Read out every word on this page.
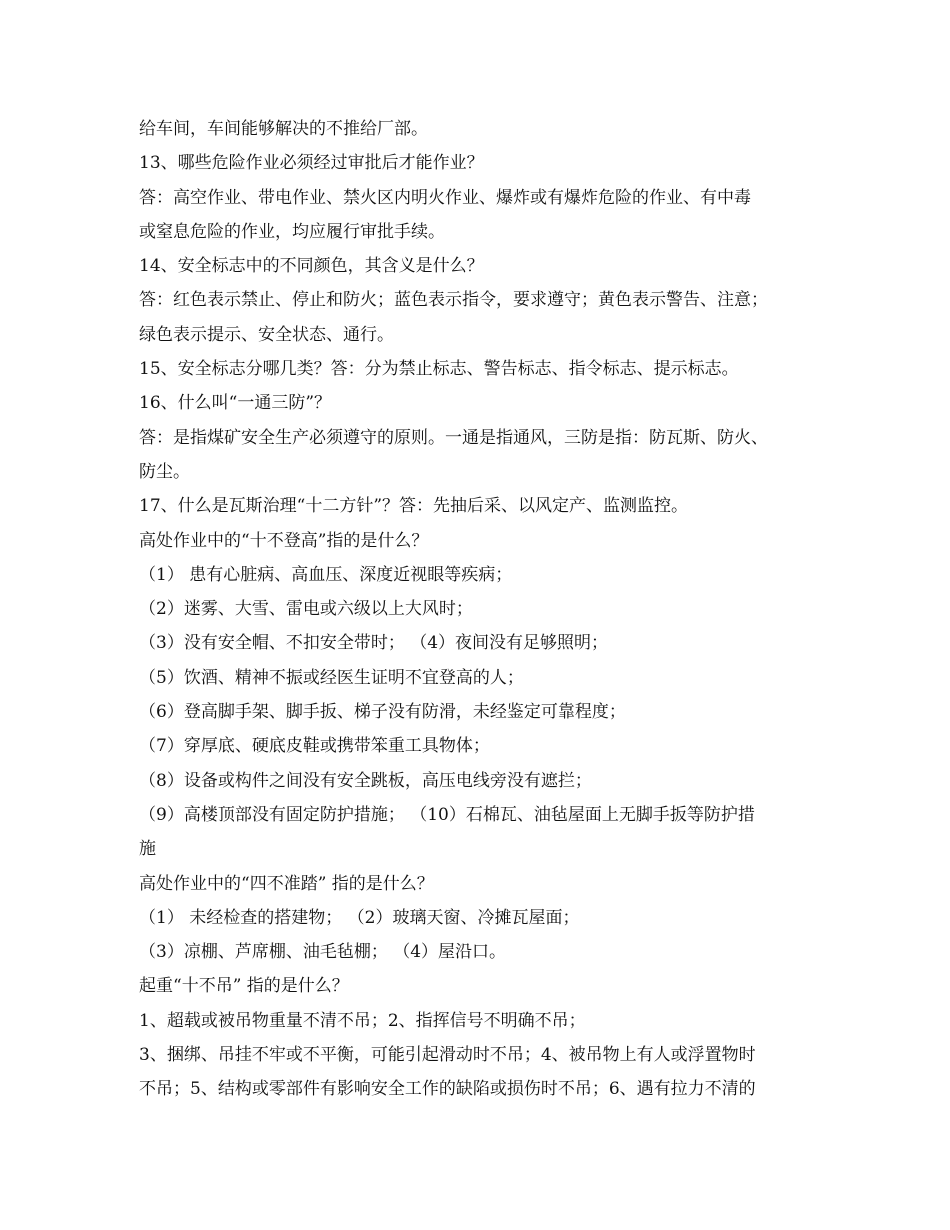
给车间，车间能够解决的不推给厂部。
13、哪些危险作业必须经过审批后才能作业？
答：高空作业、带电作业、禁火区内明火作业、爆炸或有爆炸危险的作业、有中毒
或窒息危险的作业，均应履行审批手续。
14、安全标志中的不同颜色，其含义是什么？
答：红色表示禁止、停止和防火；蓝色表示指令，要求遵守；黄色表示警告、注意；
绿色表示提示、安全状态、通行。
15、安全标志分哪几类？答：分为禁止标志、警告标志、指令标志、提示标志。
16、什么叫“一通三防”？
答：是指煤矿安全生产必须遵守的原则。一通是指通风，三防是指：防瓦斯、防火、
防尘。
17、什么是瓦斯治理“十二方针”？答：先抽后采、以风定产、监测监控。
高处作业中的“十不登高”指的是什么？
（1） 患有心脏病、高血压、深度近视眼等疾病；
（2）迷雾、大雪、雷电或六级以上大风时；
（3）没有安全帽、不扣安全带时； （4）夜间没有足够照明；
（5）饮酒、精神不振或经医生证明不宜登高的人；
（6）登高脚手架、脚手扳、梯子没有防滑，未经鉴定可靠程度；
（7）穿厚底、硬底皮鞋或携带笨重工具物体；
（8）设备或构件之间没有安全跳板，高压电线旁没有遮拦；
（9）高楼顶部没有固定防护措施； （10）石棉瓦、油毡屋面上无脚手扳等防护措
施
高处作业中的“四不准踏” 指的是什么？
（1） 未经检查的搭建物； （2）玻璃天窗、冷摊瓦屋面；
（3）凉棚、芦席棚、油毛毡棚； （4）屋沿口。
起重“十不吊” 指的是什么？
1、超载或被吊物重量不清不吊；2、指挥信号不明确不吊；
3、捆绑、吊挂不牢或不平衡，可能引起滑动时不吊；4、被吊物上有人或浮置物时
不吊；5、结构或零部件有影响安全工作的缺陷或损伤时不吊；6、遇有拉力不清的
